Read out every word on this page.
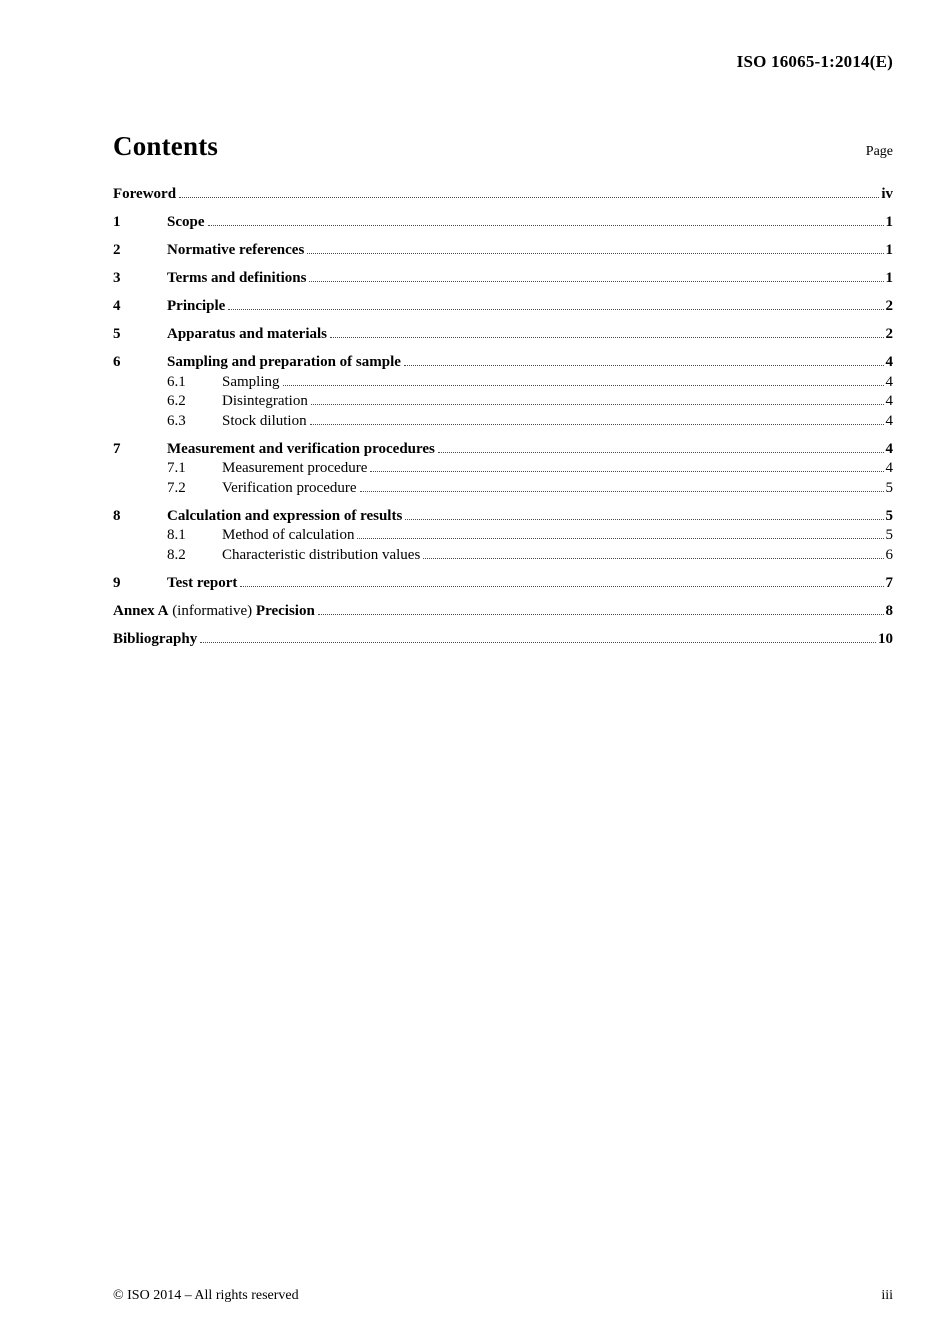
ISO 16065-1:2014(E)
Contents	Page
Foreword	iv
1	Scope	1
2	Normative references	1
3	Terms and definitions	1
4	Principle	2
5	Apparatus and materials	2
6	Sampling and preparation of sample	4
6.1	Sampling	4
6.2	Disintegration	4
6.3	Stock dilution	4
7	Measurement and verification procedures	4
7.1	Measurement procedure	4
7.2	Verification procedure	5
8	Calculation and expression of results	5
8.1	Method of calculation	5
8.2	Characteristic distribution values	6
9	Test report	7
Annex A (informative) Precision	8
Bibliography	10
© ISO 2014 – All rights reserved	iii
